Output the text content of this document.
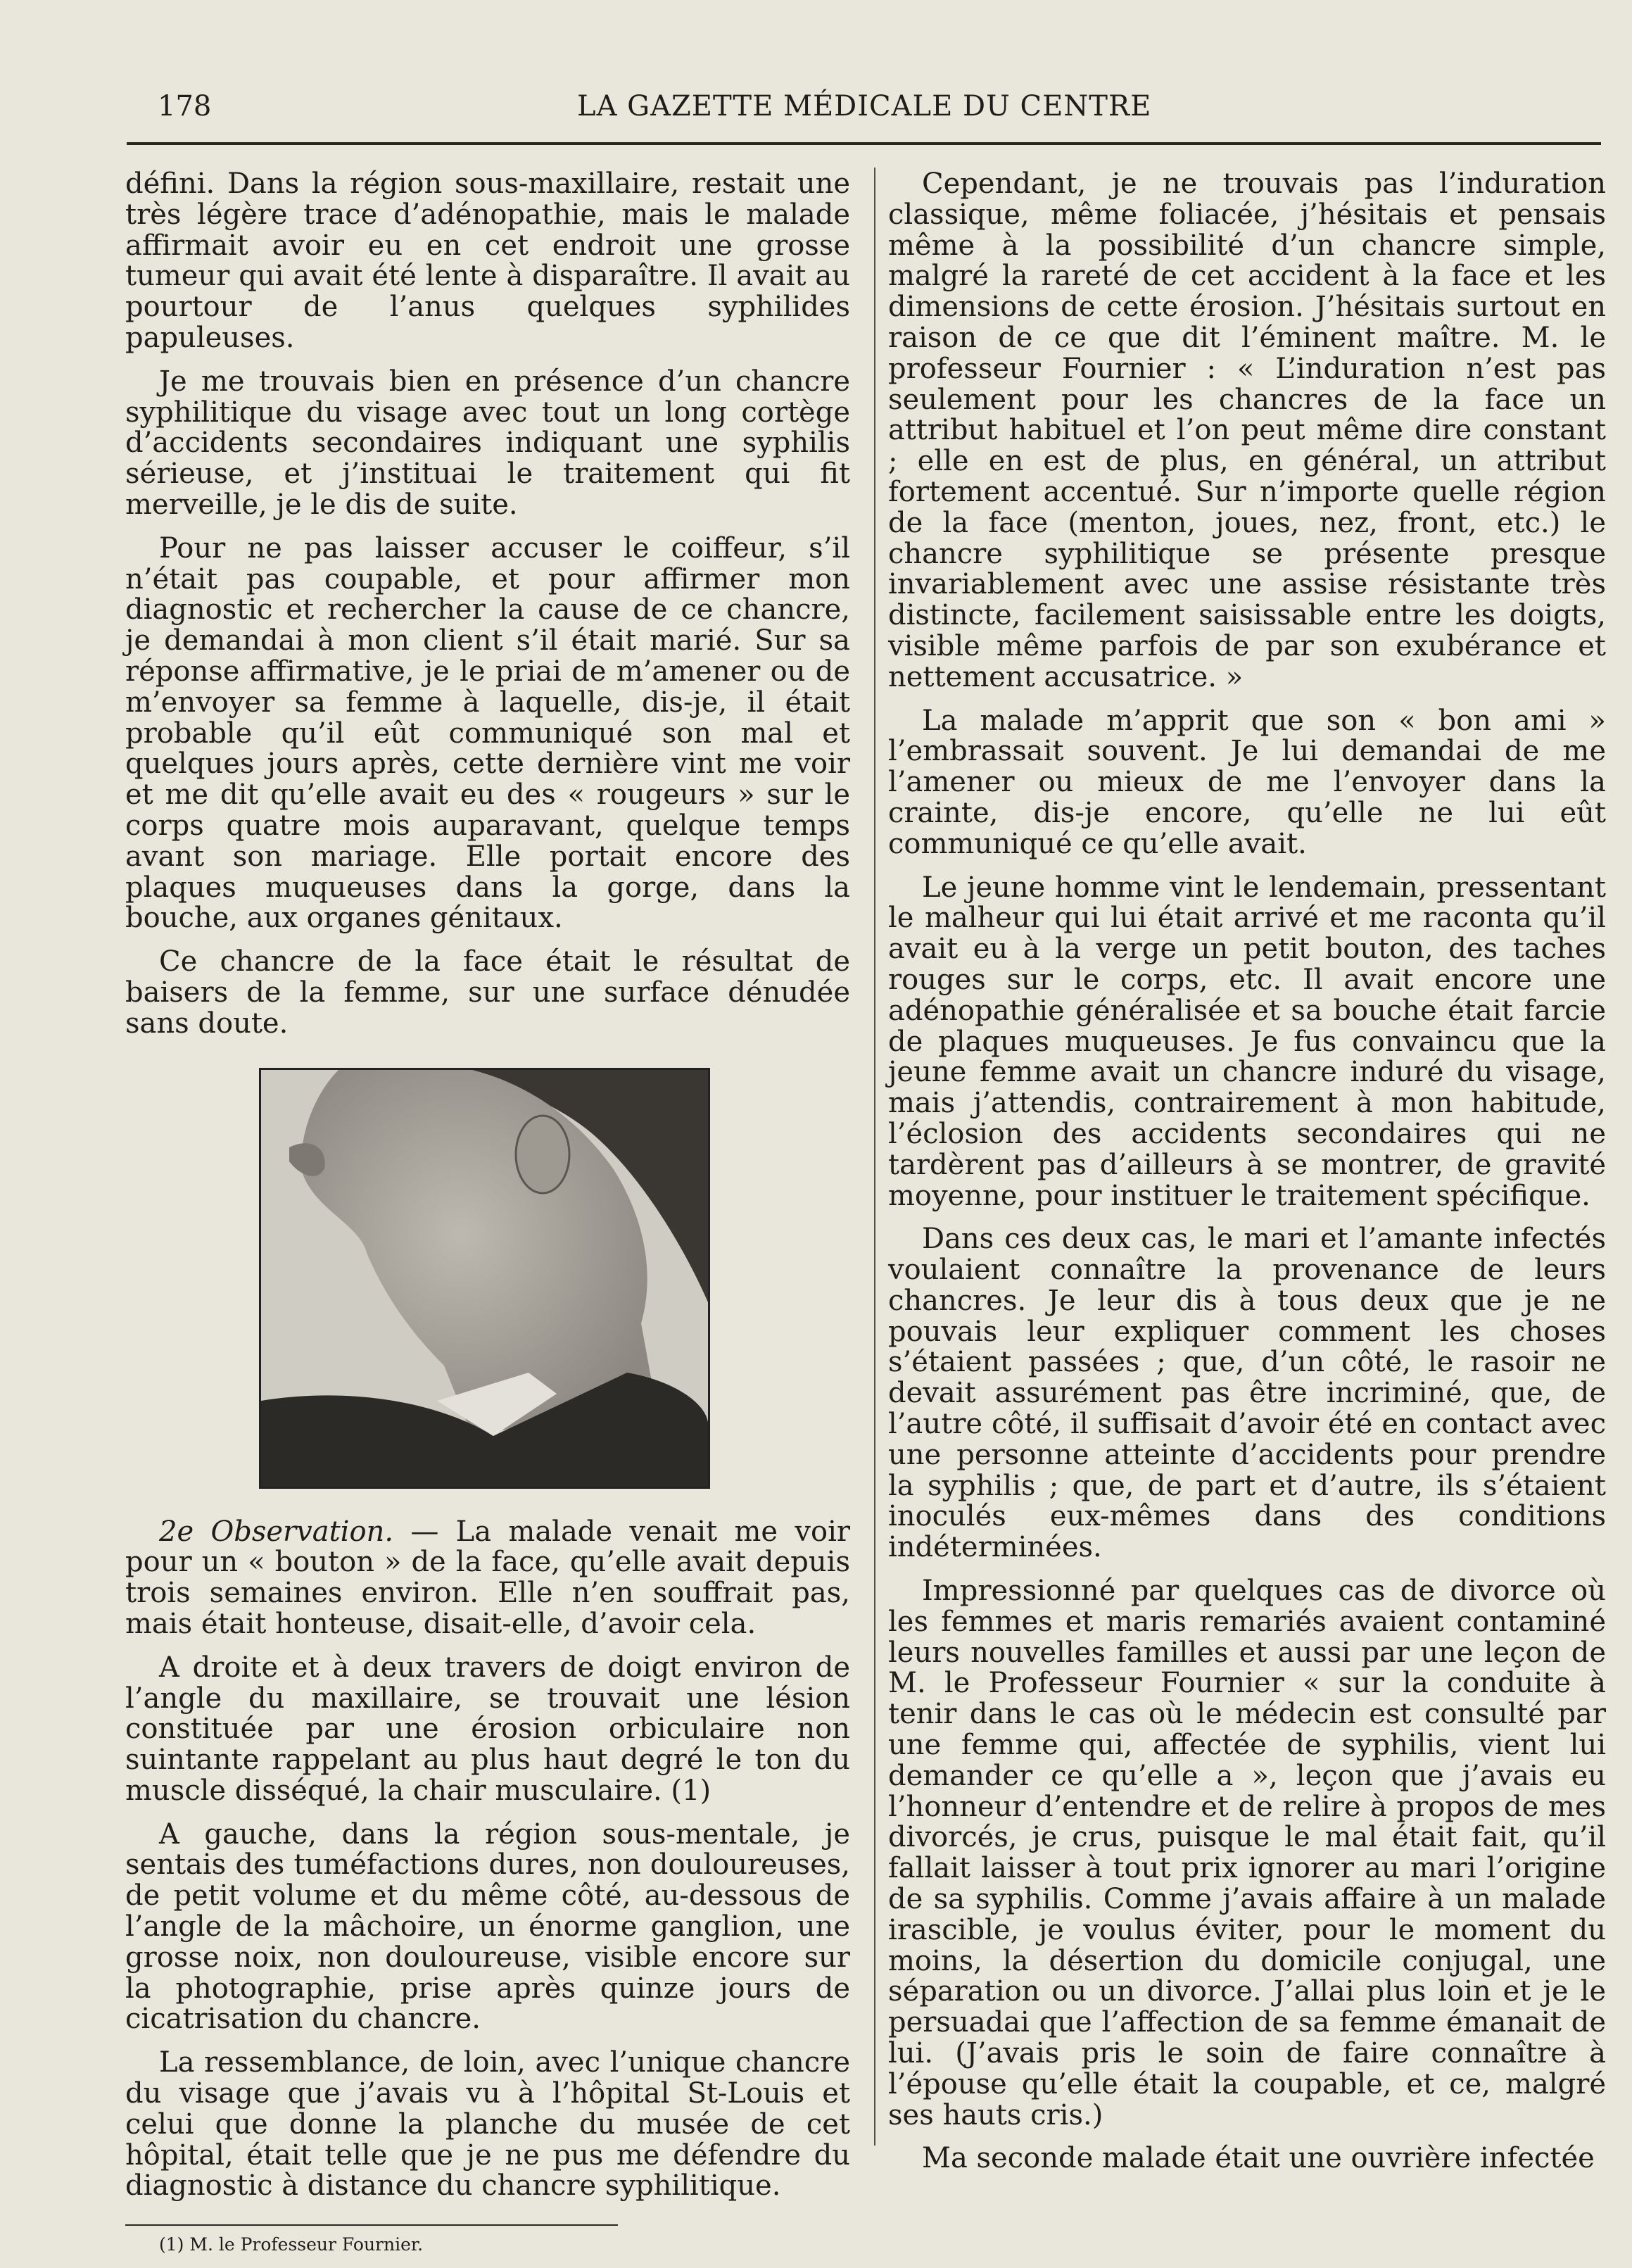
178	LA GAZETTE MÉDICALE DU CENTRE

défini. Dans la région sous-maxillaire, restait une très légère trace d’adénopathie, mais le malade affirmait avoir eu en cet endroit une grosse tumeur qui avait été lente à disparaître. Il avait au pourtour de l’anus quelques syphilides papuleuses.

Je me trouvais bien en présence d’un chancre syphilitique du visage avec tout un long cortège d’accidents secondaires indiquant une syphilis sérieuse, et j’instituai le traitement qui fit merveille, je le dis de suite.

Pour ne pas laisser accuser le coiffeur, s’il n’était pas coupable, et pour affirmer mon diagnostic et rechercher la cause de ce chancre, je demandai à mon client s’il était marié. Sur sa réponse affirmative, je le priai de m’amener ou de m’envoyer sa femme à laquelle, dis-je, il était probable qu’il eût communiqué son mal et quelques jours après, cette dernière vint me voir et me dit qu’elle avait eu des « rougeurs » sur le corps quatre mois auparavant, quelque temps avant son mariage. Elle portait encore des plaques muqueuses dans la gorge, dans la bouche, aux organes génitaux.

Ce chancre de la face était le résultat de baisers de la femme, sur une surface dénudée sans doute.

2e Observation. — La malade venait me voir pour un « bouton » de la face, qu’elle avait depuis trois semaines environ. Elle n’en souffrait pas, mais était honteuse, disait-elle, d’avoir cela.

A droite et à deux travers de doigt environ de l’angle du maxillaire, se trouvait une lésion constituée par une érosion orbiculaire non suintante rappelant au plus haut degré le ton du muscle disséqué, la chair musculaire. (1)

A gauche, dans la région sous-mentale, je sentais des tuméfactions dures, non douloureuses, de petit volume et du même côté, au-dessous de l’angle de la mâchoire, un énorme ganglion, une grosse noix, non douloureuse, visible encore sur la photographie, prise après quinze jours de cicatrisation du chancre.

La ressemblance, de loin, avec l’unique chancre du visage que j’avais vu à l’hôpital St-Louis et celui que donne la planche du musée de cet hôpital, était telle que je ne pus me défendre du diagnostic à distance du chancre syphilitique.

(1) M. le Professeur Fournier.

Cependant, je ne trouvais pas l’induration classique, même foliacée, j’hésitais et pensais même à la possibilité d’un chancre simple, malgré la rareté de cet accident à la face et les dimensions de cette érosion. J’hésitais surtout en raison de ce que dit l’éminent maître. M. le professeur Fournier : « L’induration n’est pas seulement pour les chancres de la face un attribut habituel et l’on peut même dire constant ; elle en est de plus, en général, un attribut fortement accentué. Sur n’importe quelle région de la face (menton, joues, nez, front, etc.) le chancre syphilitique se présente presque invariablement avec une assise résistante très distincte, facilement saisissable entre les doigts, visible même parfois de par son exubérance et nettement accusatrice. »

La malade m’apprit que son « bon ami » l’embrassait souvent. Je lui demandai de me l’amener ou mieux de me l’envoyer dans la crainte, dis-je encore, qu’elle ne lui eût communiqué ce qu’elle avait.

Le jeune homme vint le lendemain, pressentant le malheur qui lui était arrivé et me raconta qu’il avait eu à la verge un petit bouton, des taches rouges sur le corps, etc. Il avait encore une adénopathie généralisée et sa bouche était farcie de plaques muqueuses. Je fus convaincu que la jeune femme avait un chancre induré du visage, mais j’attendis, contrairement à mon habitude, l’éclosion des accidents secondaires qui ne tardèrent pas d’ailleurs à se montrer, de gravité moyenne, pour instituer le traitement spécifique.

Dans ces deux cas, le mari et l’amante infectés voulaient connaître la provenance de leurs chancres. Je leur dis à tous deux que je ne pouvais leur expliquer comment les choses s’étaient passées ; que, d’un côté, le rasoir ne devait assurément pas être incriminé, que, de l’autre côté, il suffisait d’avoir été en contact avec une personne atteinte d’accidents pour prendre la syphilis ; que, de part et d’autre, ils s’étaient inoculés eux-mêmes dans des conditions indéterminées.

Impressionné par quelques cas de divorce où les femmes et maris remariés avaient contaminé leurs nouvelles familles et aussi par une leçon de M. le Professeur Fournier « sur la conduite à tenir dans le cas où le médecin est consulté par une femme qui, affectée de syphilis, vient lui demander ce qu’elle a », leçon que j’avais eu l’honneur d’entendre et de relire à propos de mes divorcés, je crus, puisque le mal était fait, qu’il fallait laisser à tout prix ignorer au mari l’origine de sa syphilis. Comme j’avais affaire à un malade irascible, je voulus éviter, pour le moment du moins, la désertion du domicile conjugal, une séparation ou un divorce. J’allai plus loin et je le persuadai que l’affection de sa femme émanait de lui. (J’avais pris le soin de faire connaître à l’épouse qu’elle était la coupable, et ce, malgré ses hauts cris.)

Ma seconde malade était une ouvrière infectée
